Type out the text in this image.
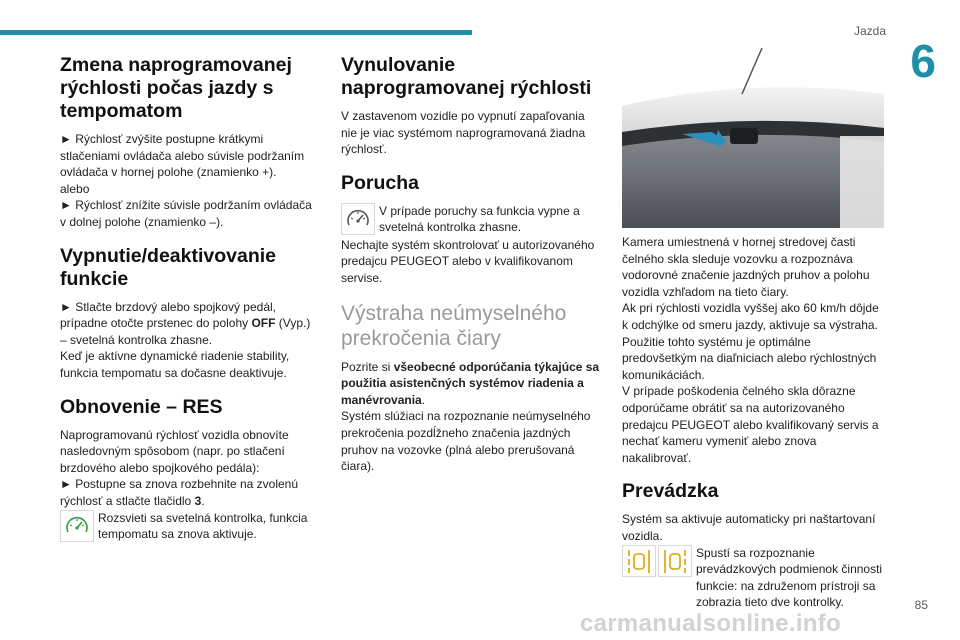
Jazda
6
85
carmanualsonline.info
Zmena naprogramovanej rýchlosti počas jazdy s tempomatom

► Rýchlosť zvýšite postupne krátkymi stlačeniami ovládača alebo súvisle podržaním ovládača v hornej polohe (znamienko +).

alebo

► Rýchlosť znížite súvisle podržaním ovládača v dolnej polohe (znamienko –).

Vypnutie/deaktivovanie funkcie

► Stlačte brzdový alebo spojkový pedál, prípadne otočte prstenec do polohy OFF (Vyp.) – svetelná kontrolka zhasne.

Keď je aktívne dynamické riadenie stability, funkcia tempomatu sa dočasne deaktivuje.

Obnovenie – RES

Naprogramovanú rýchlosť vozidla obnovíte nasledovným spôsobom (napr. po stlačení brzdového alebo spojkového pedála):

► Postupne sa znova rozbehnite na zvolenú rýchlosť a stlačte tlačidlo 3.

Rozsvieti sa svetelná kontrolka, funkcia tempomatu sa znova aktivuje.

Vynulovanie naprogramovanej rýchlosti

V zastavenom vozidle po vypnutí zapaľovania nie je viac systémom naprogramovaná žiadna rýchlosť.

Porucha

V prípade poruchy sa funkcia vypne a svetelná kontrolka zhasne.

Nechajte systém skontrolovať u autorizovaného predajcu PEUGEOT alebo v kvalifikovanom servise.

Výstraha neúmyselného prekročenia čiary

Pozrite si všeobecné odporúčania týkajúce sa použitia asistenčných systémov riadenia a manévrovania.

Systém slúžiaci na rozpoznanie neúmyselného prekročenia pozdĺžneho značenia jazdných pruhov na vozovke (plná alebo prerušovaná čiara).

Kamera umiestnená v hornej stredovej časti čelného skla sleduje vozovku a rozpoznáva vodorovné značenie jazdných pruhov a polohu vozidla vzhľadom na tieto čiary.

Ak pri rýchlosti vozidla vyššej ako 60 km/h dôjde k odchýlke od smeru jazdy, aktivuje sa výstraha.

Použitie tohto systému je optimálne predovšetkým na diaľniciach alebo rýchlostných komunikáciách.

V prípade poškodenia čelného skla dôrazne odporúčame obrátiť sa na autorizovaného predajcu PEUGEOT alebo kvalifikovaný servis a nechať kameru vymeniť alebo znova nakalibrovať.

Prevádzka

Systém sa aktivuje automaticky pri naštartovaní vozidla.

Spustí sa rozpoznanie prevádzkových podmienok činnosti funkcie: na združenom prístroji sa zobrazia tieto dve kontrolky.
